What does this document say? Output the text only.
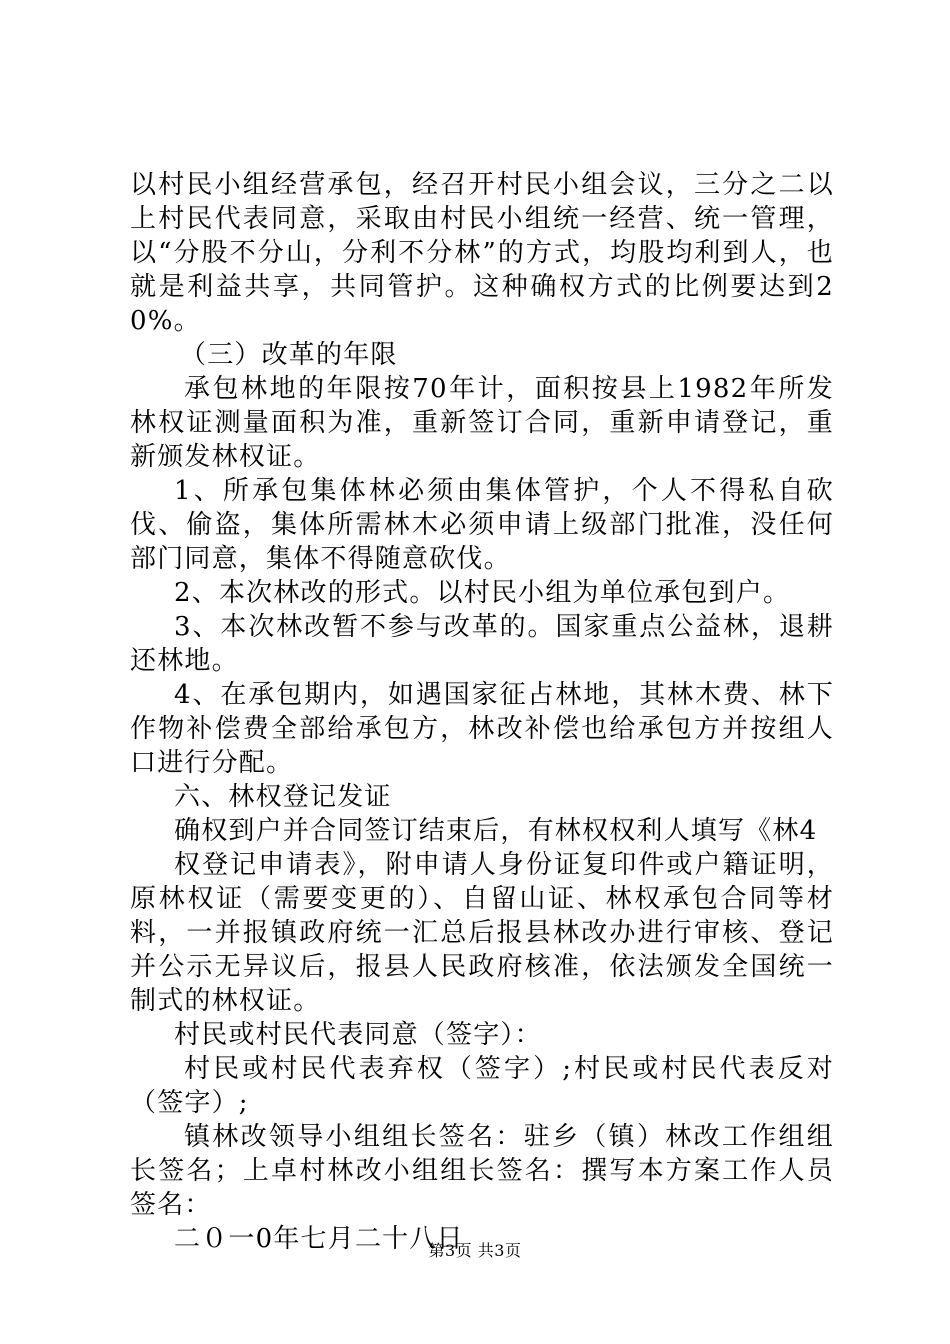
以村民小组经营承包，经召开村民小组会议，三分之二以上村民代表同意，采取由村民小组统一经营、统一管理，以“分股不分山，分利不分林”的方式，均股均利到人，也就是利益共享，共同管护。这种确权方式的比例要达到20%。

（三）改革的年限

承包林地的年限按70年计，面积按县上1982年所发林权证测量面积为准，重新签订合同，重新申请登记，重新颁发林权证。

1、所承包集体林必须由集体管护，个人不得私自砍伐、偷盗，集体所需林木必须申请上级部门批准，没任何部门同意，集体不得随意砍伐。

2、本次林改的形式。以村民小组为单位承包到户。

3、本次林改暂不参与改革的。国家重点公益林，退耕还林地。

4、在承包期内，如遇国家征占林地，其林木费、林下作物补偿费全部给承包方，林改补偿也给承包方并按组人口进行分配。

六、林权登记发证

确权到户并合同签订结束后，有林权权利人填写《林4

权登记申请表》，附申请人身份证复印件或户籍证明，原林权证（需要变更的）、自留山证、林权承包合同等材料，一并报镇政府统一汇总后报县林改办进行审核、登记并公示无异议后，报县人民政府核准，依法颁发全国统一制式的林权证。

村民或村民代表同意（签字）：

村民或村民代表弃权（签字）;村民或村民代表反对（签字）;

镇林改领导小组组长签名：驻乡（镇）林改工作组组长签名；上卓村林改小组组长签名：撰写本方案工作人员签名：

二０一0年七月二十八日

第3页 共3页
